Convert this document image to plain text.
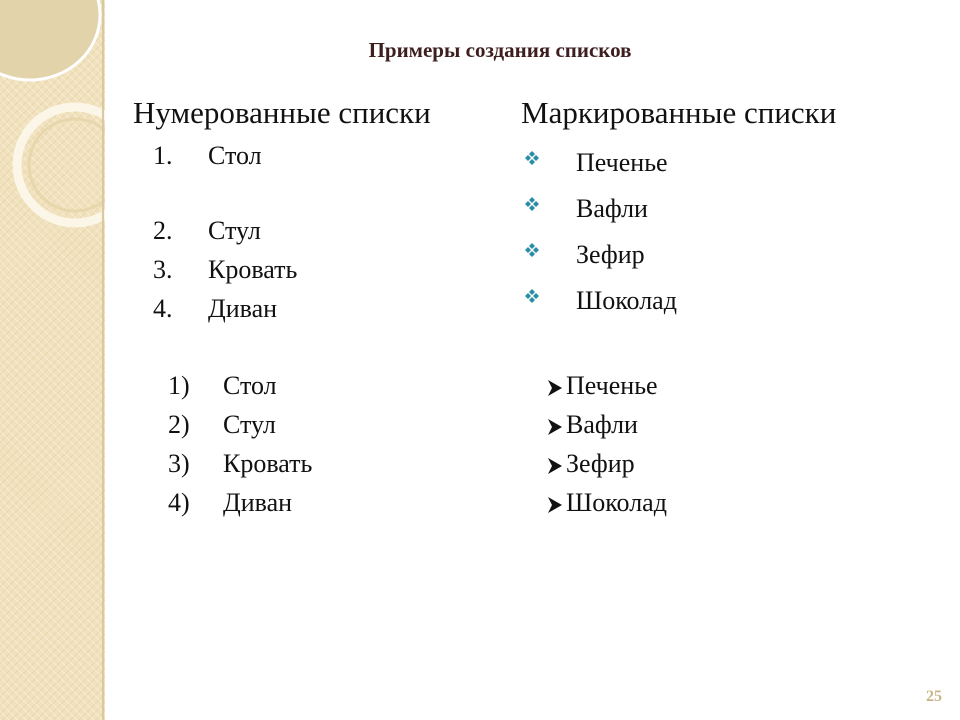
Примеры создания списков
Нумерованные списки
1. Стол
2. Стул
3. Кровать
4. Диван
1) Стол
2) Стул
3) Кровать
4) Диван
Маркированные списки
Печенье
Вафли
Зефир
Шоколад
Печенье
Вафли
Зефир
Шоколад
25
